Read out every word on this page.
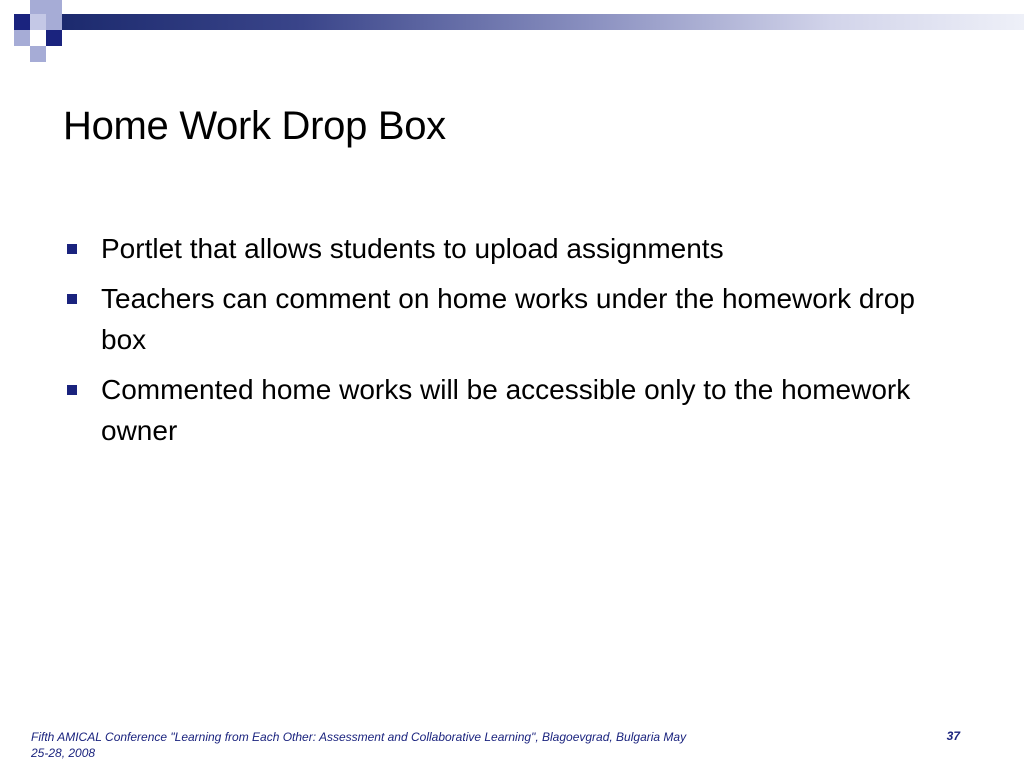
Home Work Drop Box
Portlet that allows students to upload assignments
Teachers can comment on home works under the homework drop box
Commented home works will be accessible only to the homework owner
Fifth AMICAL Conference "Learning from Each Other: Assessment and Collaborative Learning", Blagoevgrad, Bulgaria May 25-28, 2008
37
